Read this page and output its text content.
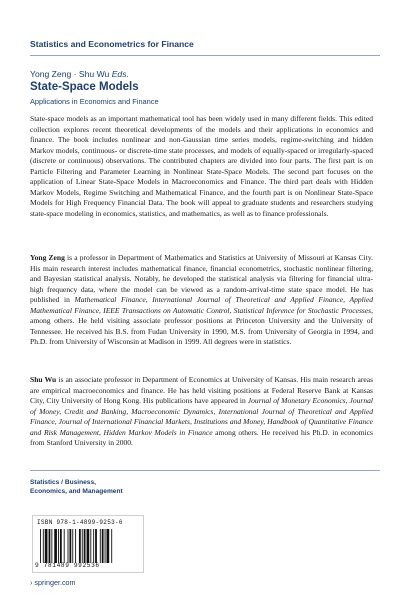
Statistics and Econometrics for Finance
Yong Zeng · Shu Wu Eds.
State-Space Models
Applications in Economics and Finance

State-space models as an important mathematical tool has been widely used in many different fields. This edited collection explores recent theoretical developments of the models and their applications in economics and finance. The book includes nonlinear and non-Gaussian time series models, regime-switching and hidden Markov models, continuous- or discrete-time state processes, and models of equally-spaced or irregularly-spaced (discrete or continuous) observations. The contributed chapters are divided into four parts. The first part is on Particle Filtering and Parameter Learning in Nonlinear State-Space Models. The second part focuses on the application of Linear State-Space Models in Macroeconomics and Finance. The third part deals with Hidden Markov Models, Regime Switching and Mathematical Finance, and the fourth part is on Nonlinear State-Space Models for High Frequency Financial Data. The book will appeal to graduate students and researchers studying state-space modeling in economics, statistics, and mathematics, as well as to finance professionals.

Yong Zeng is a professor in Department of Mathematics and Statistics at University of Missouri at Kansas City. His main research interest includes mathematical finance, financial econometrics, stochastic nonlinear filtering, and Bayesian statistical analysis. Notably, he developed the statistical analysis via filtering for financial ultra-high frequency data, where the model can be viewed as a random-arrival-time state space model. He has published in Mathematical Finance, International Journal of Theoretical and Applied Finance, Applied Mathematical Finance, IEEE Transactions on Automatic Control, Statistical Inference for Stochastic Processes, among others. He held visiting associate professor positions at Princeton University and the University of Tennessee. He received his B.S. from Fudan University in 1990, M.S. from University of Georgia in 1994, and Ph.D. from University of Wisconsin at Madison in 1999. All degrees were in statistics.

Shu Wu is an associate professor in Department of Economics at University of Kansas. His main research areas are empirical macroeconomics and finance. He has held visiting positions at Federal Reserve Bank at Kansas City, City University of Hong Kong. His publications have appeared in Journal of Monetary Economics, Journal of Money, Credit and Banking, Macroeconomic Dynamics, International Journal of Theoretical and Applied Finance, Journal of International Financial Markets, Institutions and Money, Handbook of Quantitative Finance and Risk Management, Hidden Markov Models in Finance among others. He received his Ph.D. in economics from Stanford University in 2000.

Statistics / Business,
Economics, and Management
ISBN 978-1-4899-9253-6
9 781489 992536
› springer.com
